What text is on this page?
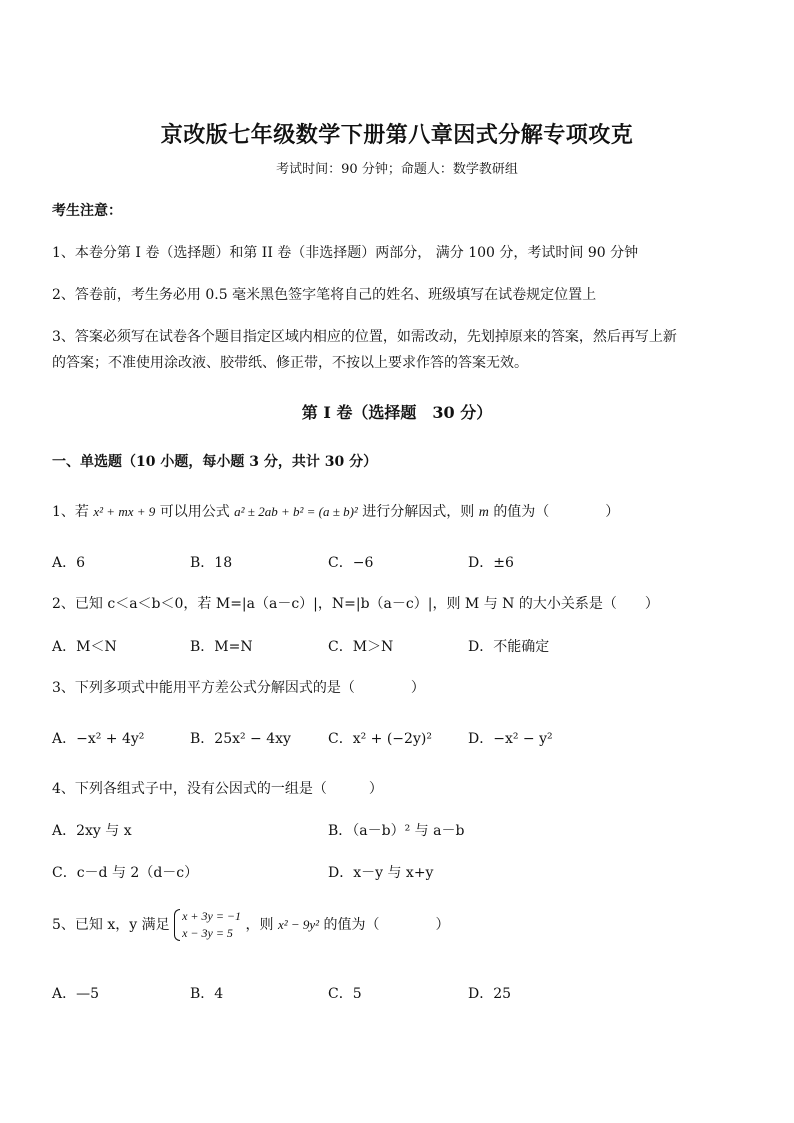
京改版七年级数学下册第八章因式分解专项攻克
考试时间：90 分钟；命题人：数学教研组
考生注意：
1、本卷分第 I 卷（选择题）和第 II 卷（非选择题）两部分， 满分 100 分，考试时间 90 分钟
2、答卷前，考生务必用 0.5 毫米黑色签字笔将自己的姓名、班级填写在试卷规定位置上
3、答案必须写在试卷各个题目指定区域内相应的位置，如需改动，先划掉原来的答案，然后再写上新
的答案；不准使用涂改液、胶带纸、修正带，不按以上要求作答的答案无效。
第 I 卷（选择题　30 分）
一、单选题（10 小题，每小题 3 分，共计 30 分）
1、若 x² + mx + 9 可以用公式 a² ± 2ab + b² = (a ± b)² 进行分解因式，则 m 的值为（　　　　）
A．6	B．18	C．−6	D．±6
2、已知 c＜a＜b＜0，若 M=|a（a－c）|，N=|b（a－c）|，则 M 与 N 的大小关系是（　　）
A．M＜N	B．M=N	C．M＞N	D．不能确定
3、下列多项式中能用平方差公式分解因式的是（　　　　）
A．−x² + 4y²	B．25x² − 4xy	C．x² + (−2y)²	D．−x² − y²
4、下列各组式子中，没有公因式的一组是（　　　）
A．2xy 与 x	B．（a－b）² 与 a－b
C．c－d 与 2（d－c）	D．x－y 与 x+y
5、已知 x，y 满足
x + 3y = −1
x − 3y = 5 ，则 x² − 9y² 的值为（　　　　）
A．—5	B．4	C．5	D．25
